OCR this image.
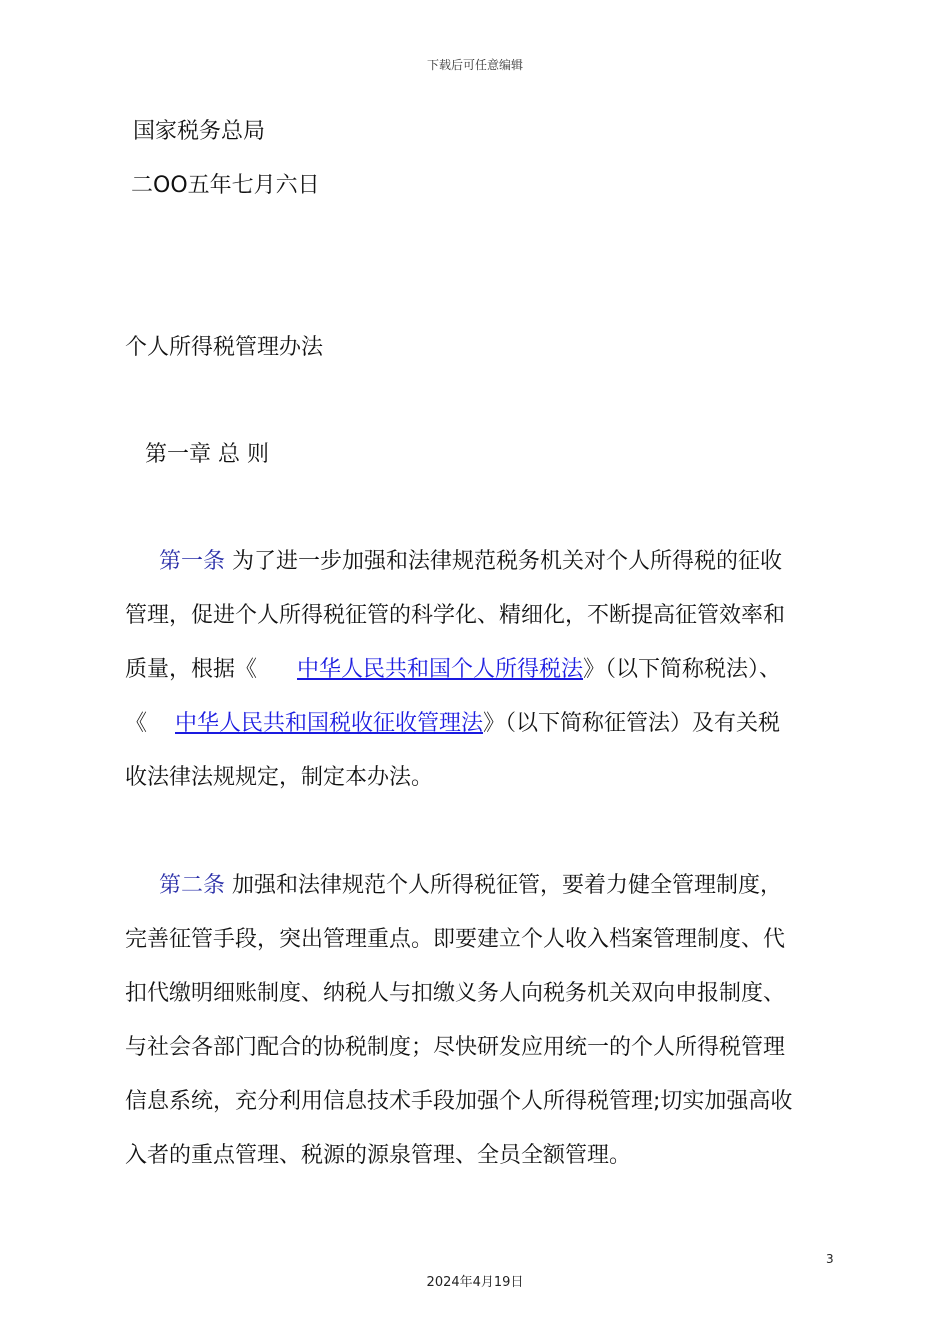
下载后可任意编辑
国家税务总局
二OO五年七月六日
个人所得税管理办法
第一章 总 则
第一条 为了进一步加强和法律规范税务机关对个人所得税的征收
管理，促进个人所得税征管的科学化、精细化，不断提高征管效率和
质量，根据《 中华人民共和国个人所得税法》（以下简称税法）、
《 中华人民共和国税收征收管理法》（以下简称征管法）及有关税
收法律法规规定，制定本办法。
第二条 加强和法律规范个人所得税征管，要着力健全管理制度，
完善征管手段，突出管理重点。即要建立个人收入档案管理制度、代
扣代缴明细账制度、纳税人与扣缴义务人向税务机关双向申报制度、
与社会各部门配合的协税制度；尽快研发应用统一的个人所得税管理
信息系统，充分利用信息技术手段加强个人所得税管理;切实加强高收
入者的重点管理、税源的源泉管理、全员全额管理。
3
2024年4月19日
